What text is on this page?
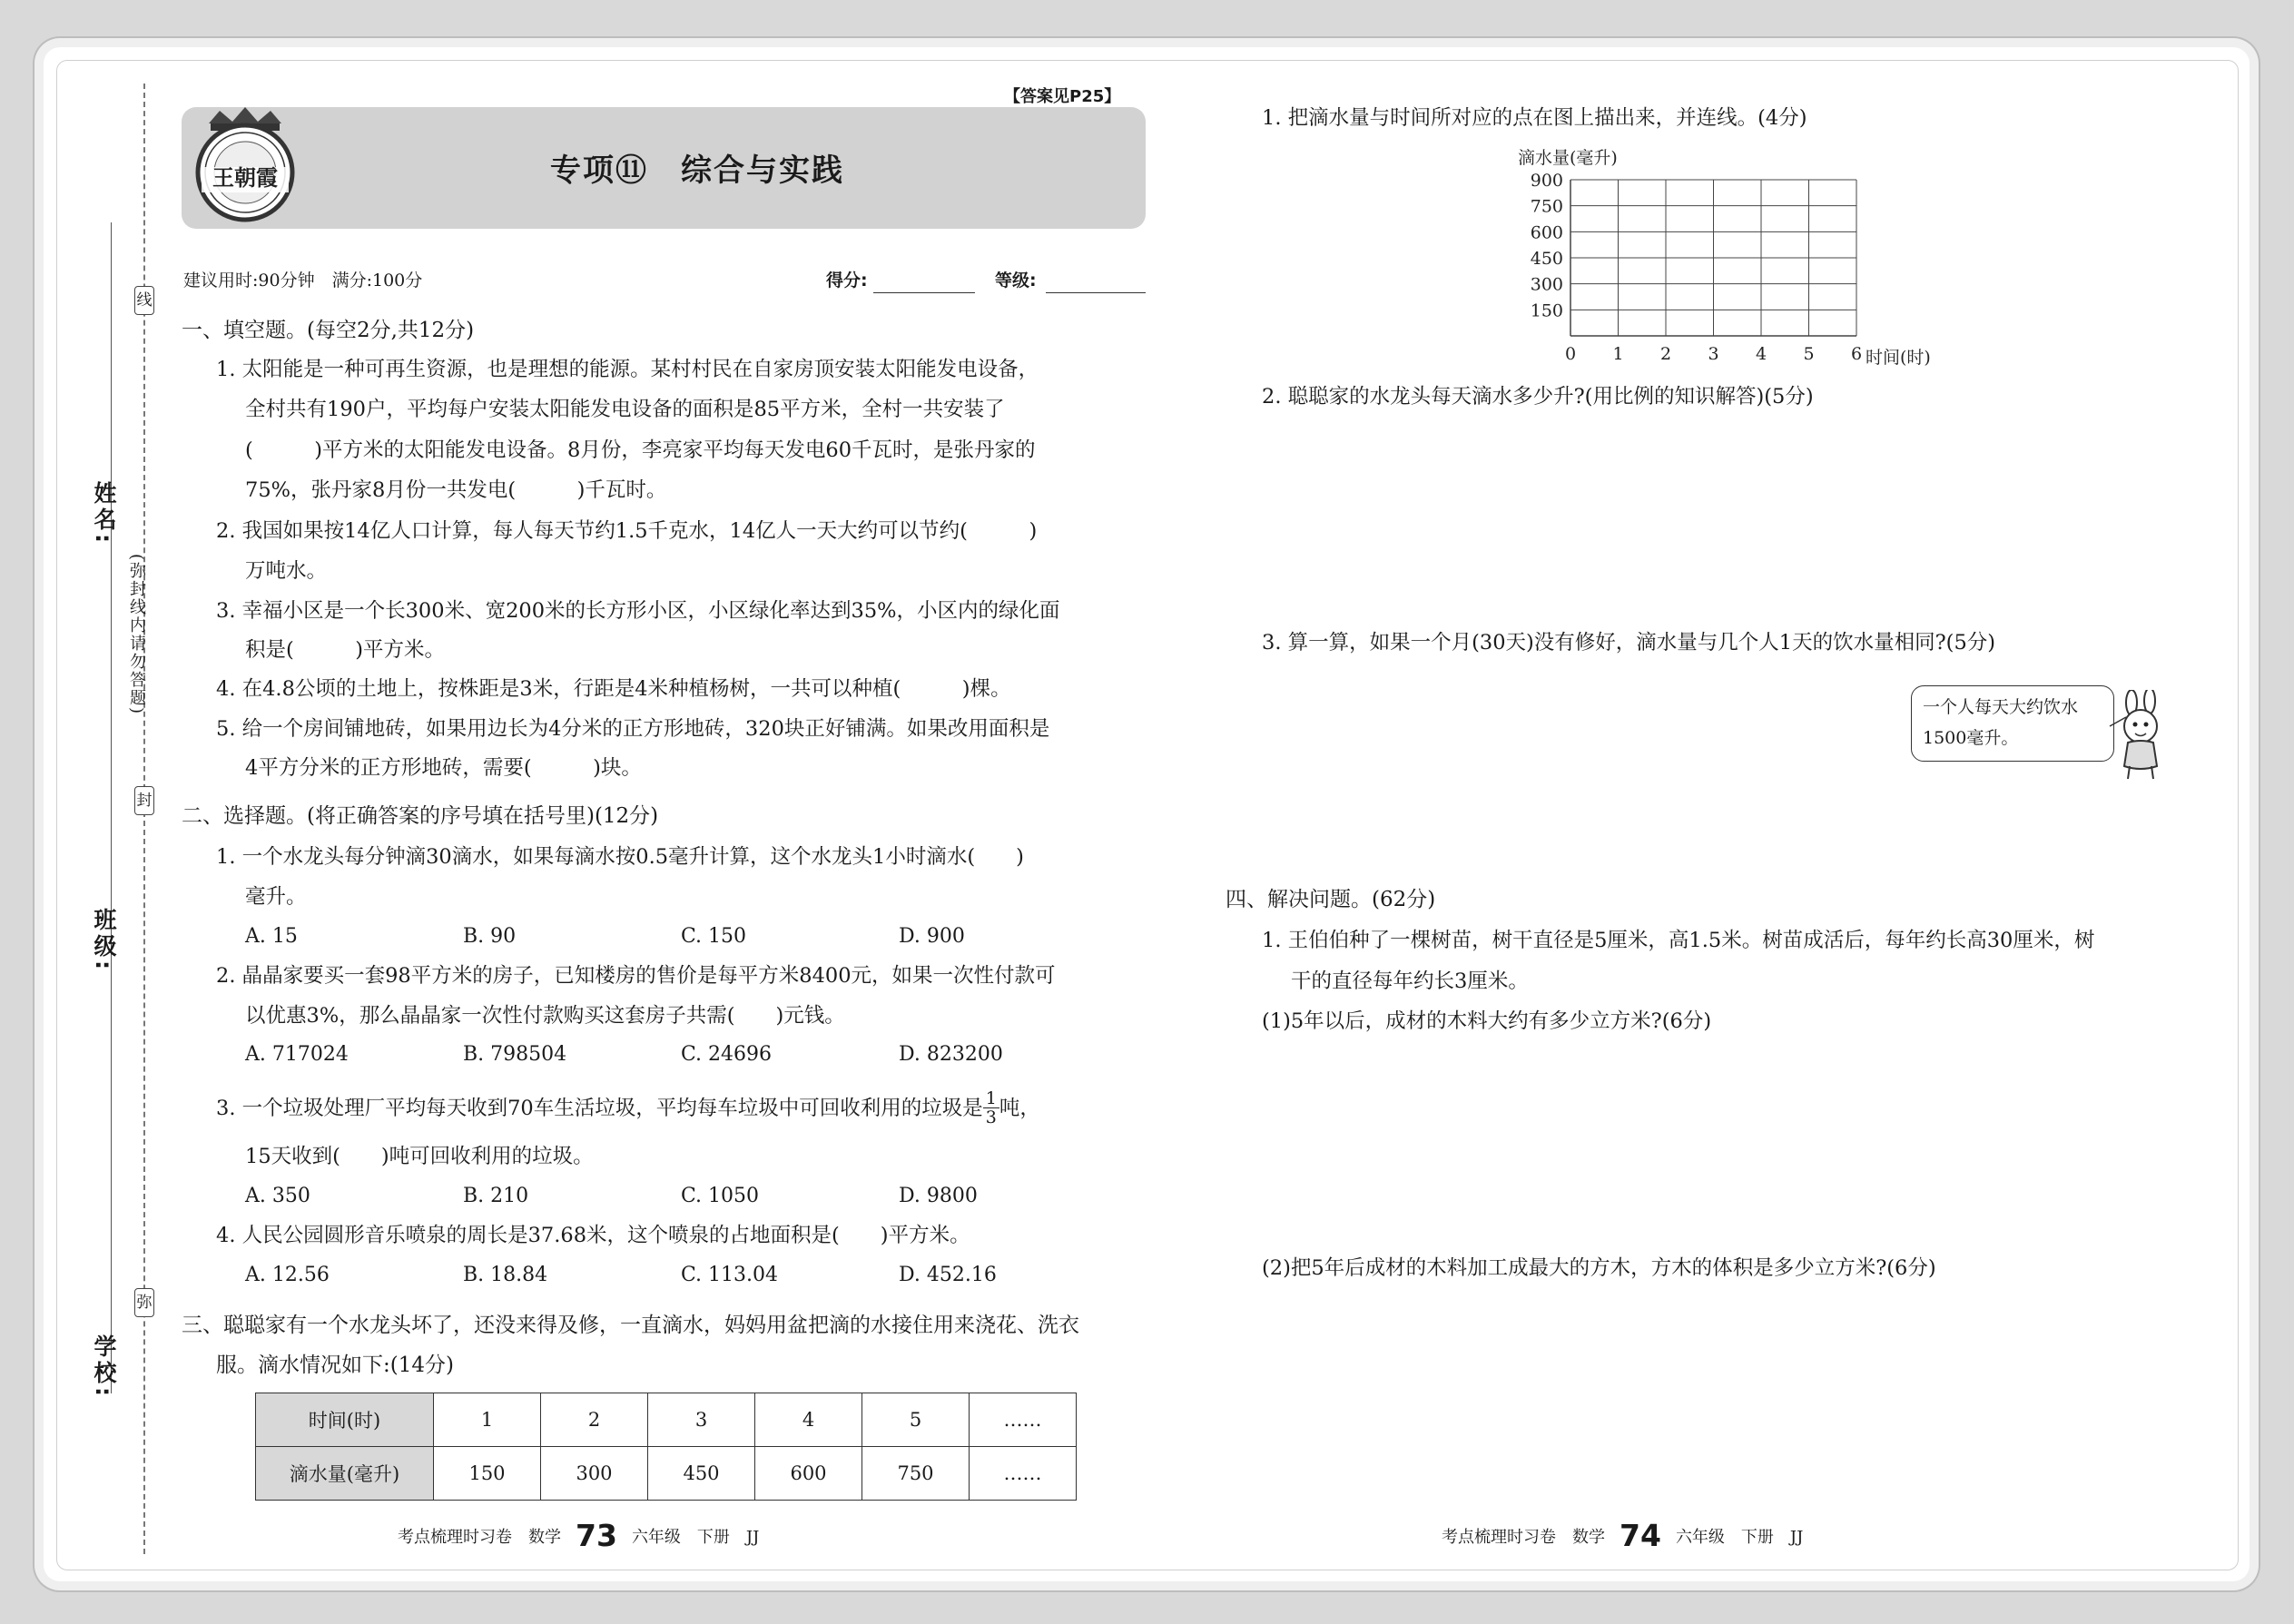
线
封
弥
(弥封线内请勿答题)
姓名:
班级:
学校:
【答案见P25】
王朝霞	专项⑪　综合与实践
建议用时:90分钟　满分:100分	得分:	等级:
一、填空题。(每空2分,共12分)
1. 太阳能是一种可再生资源，也是理想的能源。某村村民在自家房顶安装太阳能发电设备，
全村共有190户，平均每户安装太阳能发电设备的面积是85平方米，全村一共安装了
(　　　)平方米的太阳能发电设备。8月份，李亮家平均每天发电60千瓦时，是张丹家的
75%，张丹家8月份一共发电(　　　)千瓦时。
2. 我国如果按14亿人口计算，每人每天节约1.5千克水，14亿人一天大约可以节约(　　　)
万吨水。
3. 幸福小区是一个长300米、宽200米的长方形小区，小区绿化率达到35%，小区内的绿化面
积是(　　　)平方米。
4. 在4.8公顷的土地上，按株距是3米，行距是4米种植杨树，一共可以种植(　　　)棵。
5. 给一个房间铺地砖，如果用边长为4分米的正方形地砖，320块正好铺满。如果改用面积是
4平方分米的正方形地砖，需要(　　　)块。
二、选择题。(将正确答案的序号填在括号里)(12分)
1. 一个水龙头每分钟滴30滴水，如果每滴水按0.5毫升计算，这个水龙头1小时滴水(　　)
毫升。
A. 15	B. 90	C. 150	D. 900
2. 晶晶家要买一套98平方米的房子，已知楼房的售价是每平方米8400元，如果一次性付款可
以优惠3%，那么晶晶家一次性付款购买这套房子共需(　　)元钱。
A. 717024	B. 798504	C. 24696	D. 823200
3. 一个垃圾处理厂平均每天收到70车生活垃圾，平均每车垃圾中可回收利用的垃圾是 $\frac{1}{3}$ 吨，
15天收到(　　)吨可回收利用的垃圾。
A. 350	B. 210	C. 1050	D. 9800
4. 人民公园圆形音乐喷泉的周长是37.68米，这个喷泉的占地面积是(　　)平方米。
A. 12.56	B. 18.84	C. 113.04	D. 452.16
三、聪聪家有一个水龙头坏了，还没来得及修，一直滴水，妈妈用盆把滴的水接住用来浇花、洗衣
服。滴水情况如下:(14分)
时间(时)	1	2	3	4	5	……
滴水量(毫升)	150	300	450	600	750	……
考点梳理时习卷　数学 73 六年级　下册　JJ
1. 把滴水量与时间所对应的点在图上描出来，并连线。(4分)
0 1 2 3 4 5 6
150
300
450
600
750
900
滴水量(毫升)
时间(时)
2. 聪聪家的水龙头每天滴水多少升?(用比例的知识解答)(5分)
3. 算一算，如果一个月(30天)没有修好，滴水量与几个人1天的饮水量相同?(5分)
一个人每天大约饮水
1500毫升。
四、解决问题。(62分)
1. 王伯伯种了一棵树苗，树干直径是5厘米，高1.5米。树苗成活后，每年约长高30厘米，树
干的直径每年约长3厘米。
(1)5年以后，成材的木料大约有多少立方米?(6分)
(2)把5年后成材的木料加工成最大的方木，方木的体积是多少立方米?(6分)
考点梳理时习卷　数学 74 六年级　下册　JJ
